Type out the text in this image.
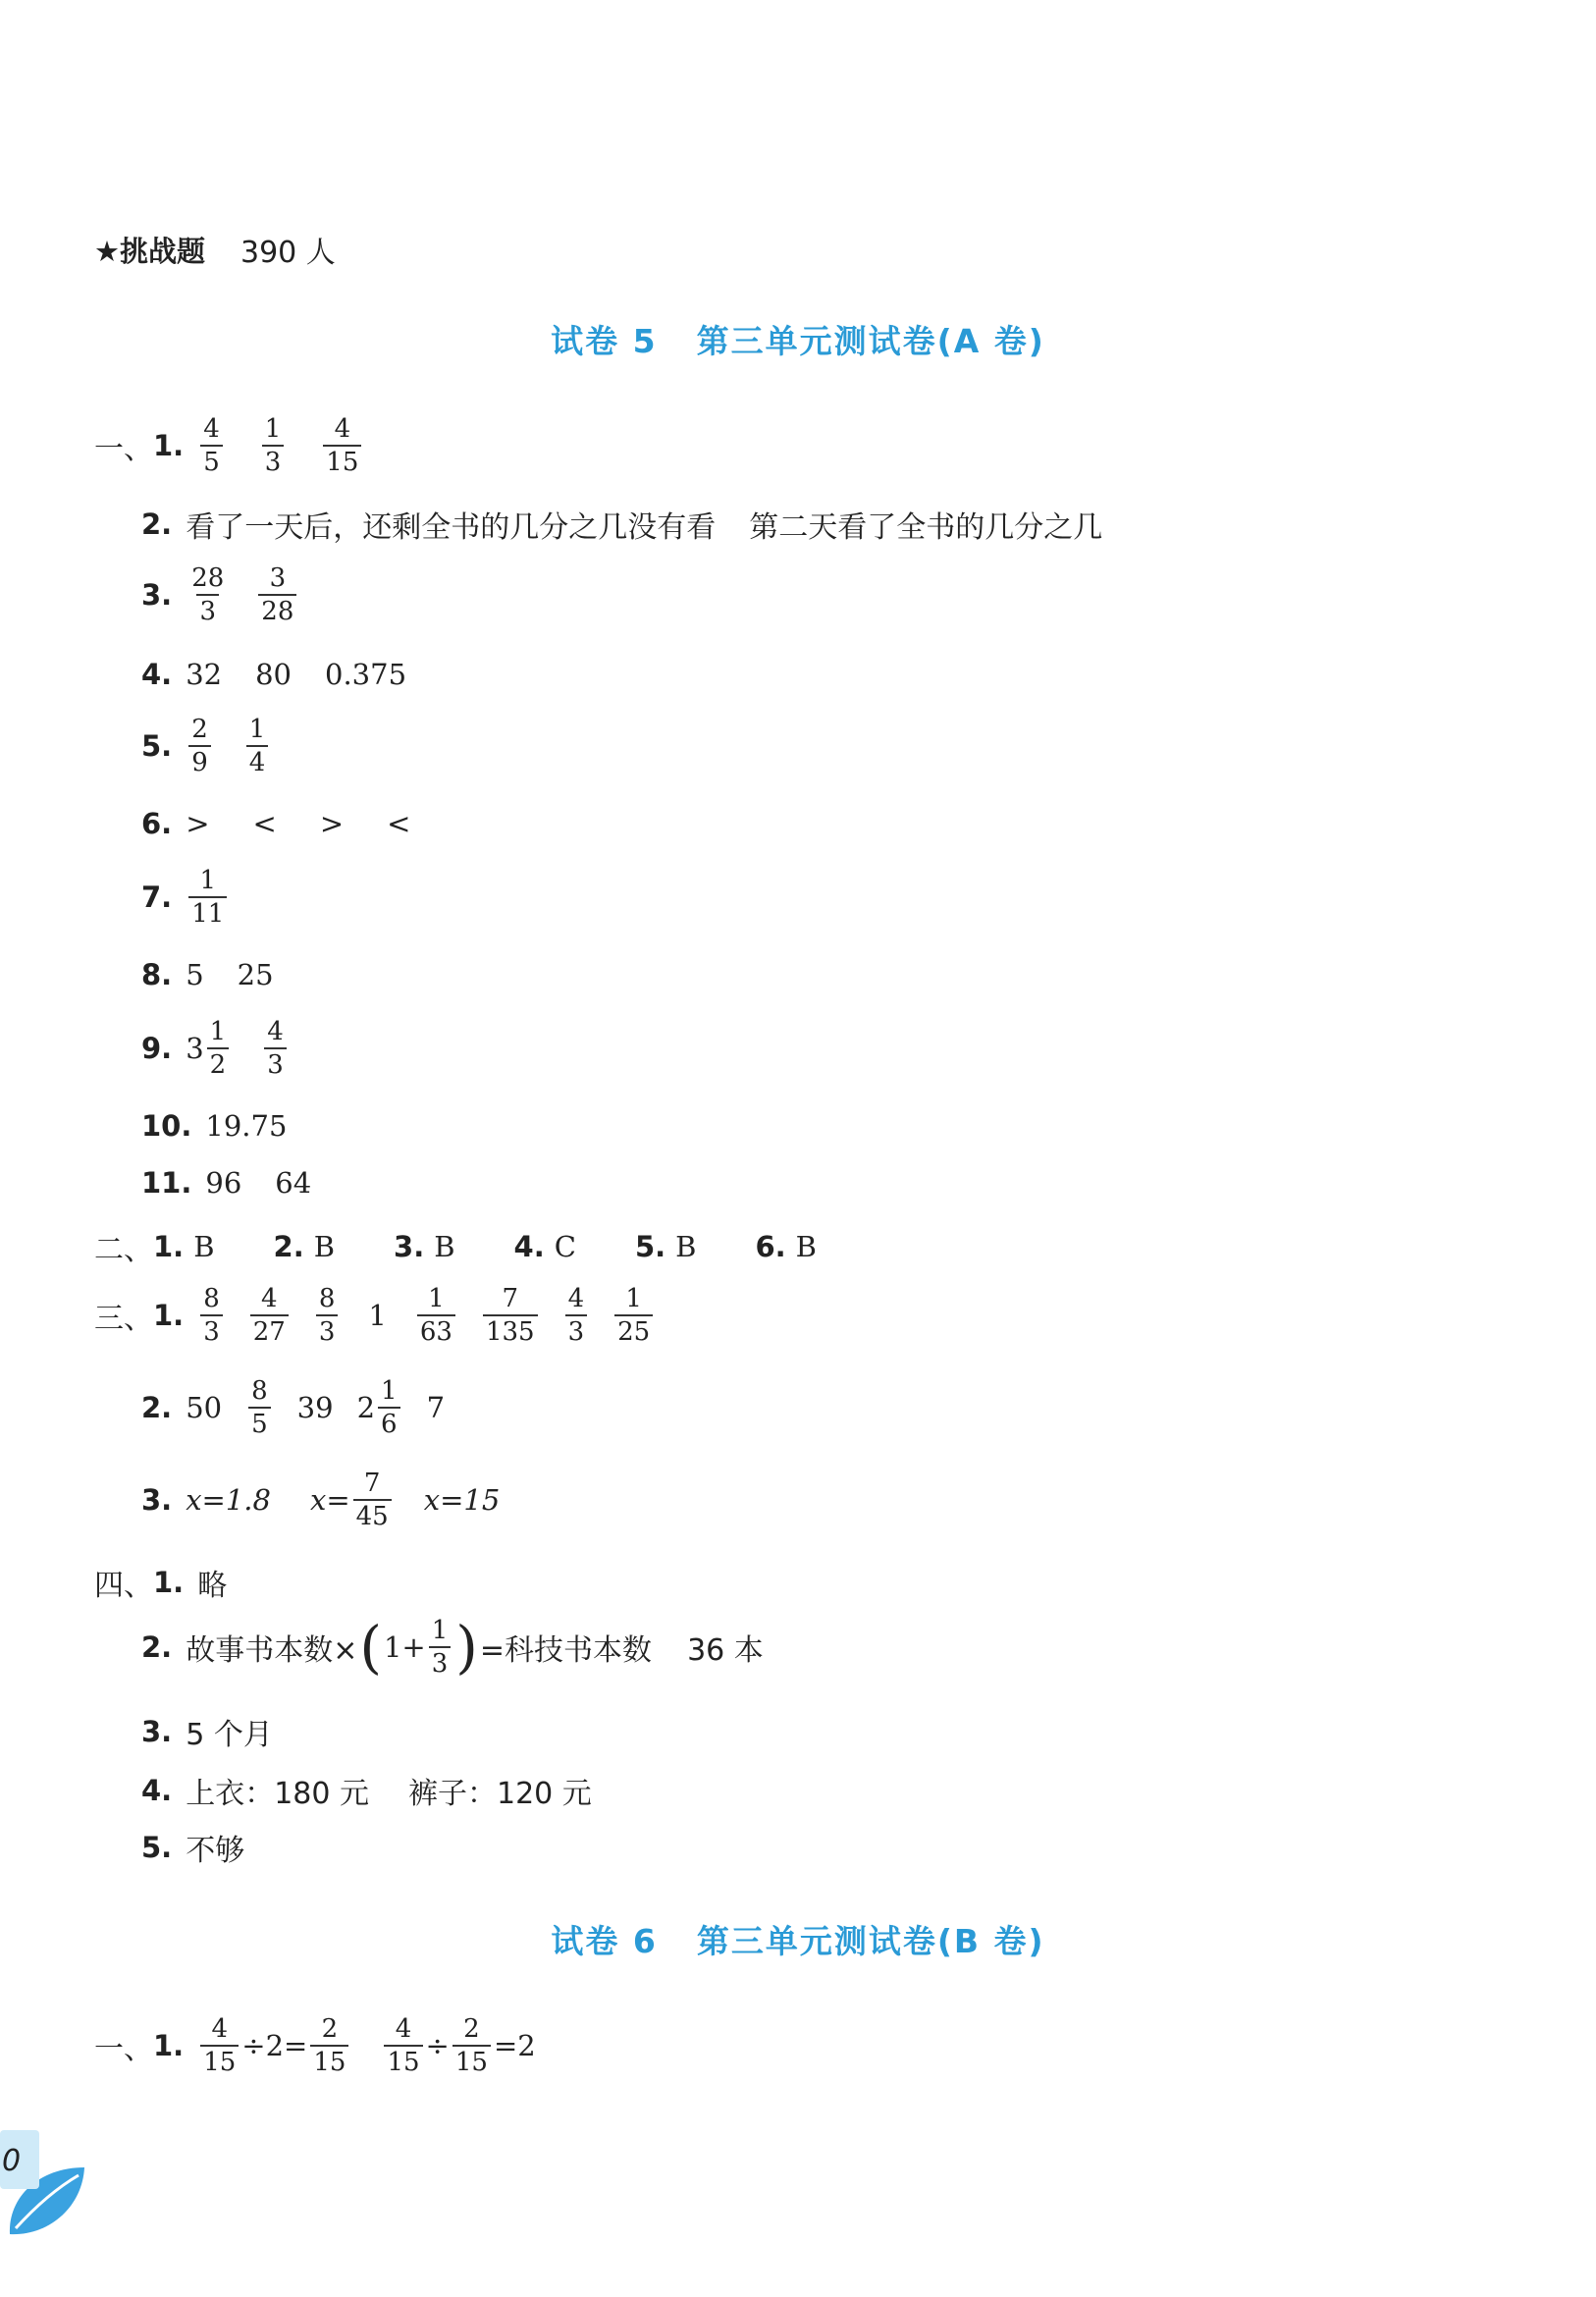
★挑战题 390 人
试卷 5 第三单元测试卷(A 卷)
一、 1. $\frac{4}{5} \frac{1}{3} \frac{4}{15}$
2. 看了一天后，还剩全书的几分之几没有看 第二天看了全书的几分之几
3. $\frac{28}{3} \frac{3}{28}$
4. 32 80 0.375
5. $\frac{2}{9} \frac{1}{4}$
6. > < > <
7. $\frac{1}{11}$
8. 5 25
9. $3 \frac{1}{2} \frac{4}{3}$
10. 19.75
11. 96 64
二、 1. B 2. B 3. B 4. C 5. B 6. B
三、 1. $\frac{8}{3} \frac{4}{27} \frac{8}{3} 1 \frac{1}{63} \frac{7}{135} \frac{4}{3} \frac{1}{25}$
2. $50 \frac{8}{5} 39$ $2 \frac{1}{6} 7$
3. x=1.8 $x= \frac{7}{45} x=15$
四、 1. 略
2. 故事书本数× ( $1+ \frac{1}{3}$ ) =科技书本数 36 本
3. 5 个月
4. 上衣：180 元 裤子：120 元
5. 不够
试卷 6 第三单元测试卷(B 卷)
一、 1. $\frac{4}{15} \div 2= \frac{2}{15} \frac{4}{15} \div \frac{2}{15} =2$
0
